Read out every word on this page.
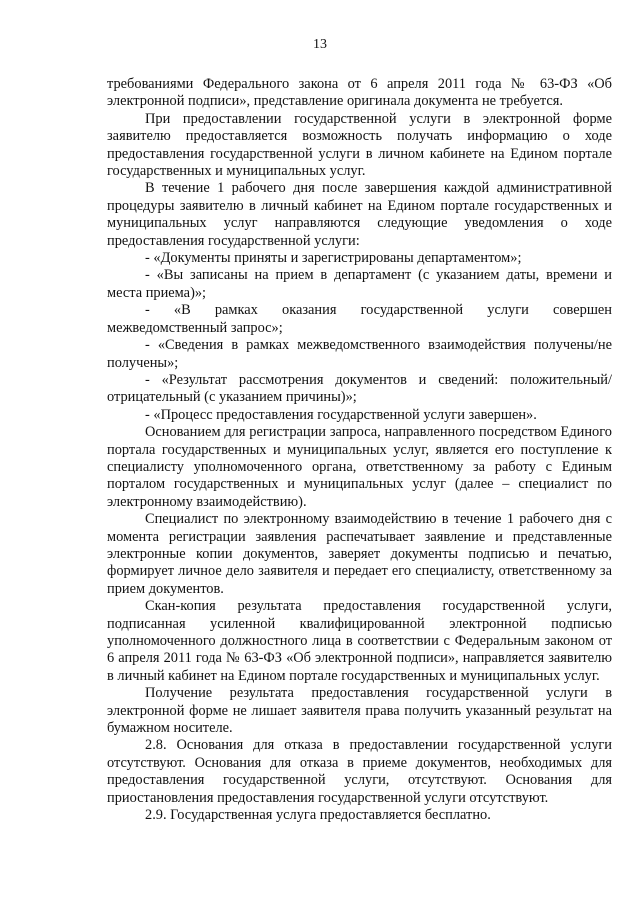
13

требованиями Федерального закона от 6 апреля 2011 года № 63-ФЗ «Об электронной подписи», представление оригинала документа не требуется.

При предоставлении государственной услуги в электронной форме заявителю предоставляется возможность получать информацию о ходе предоставления государственной услуги в личном кабинете на Едином портале государственных и муниципальных услуг.

В течение 1 рабочего дня после завершения каждой административной процедуры заявителю в личный кабинет на Едином портале государственных и муниципальных услуг направляются следующие уведомления о ходе предоставления государственной услуги:

- «Документы приняты и зарегистрированы департаментом»;

- «Вы записаны на прием в департамент (с указанием даты, времени и места приема)»;

- «В рамках оказания государственной услуги совершен межведомственный запрос»;

- «Сведения в рамках межведомственного взаимодействия получены/не получены»;

- «Результат рассмотрения документов и сведений: положительный/отрицательный (с указанием причины)»;

- «Процесс предоставления государственной услуги завершен».

Основанием для регистрации запроса, направленного посредством Единого портала государственных и муниципальных услуг, является его поступление к специалисту уполномоченного органа, ответственному за работу с Единым порталом государственных и муниципальных услуг (далее – специалист по электронному взаимодействию).

Специалист по электронному взаимодействию в течение 1 рабочего дня с момента регистрации заявления распечатывает заявление и представленные электронные копии документов, заверяет документы подписью и печатью, формирует личное дело заявителя и передает его специалисту, ответственному за прием документов.

Скан-копия результата предоставления государственной услуги, подписанная усиленной квалифицированной электронной подписью уполномоченного должностного лица в соответствии с Федеральным законом от 6 апреля 2011 года № 63-ФЗ «Об электронной подписи», направляется заявителю в личный кабинет на Едином портале государственных и муниципальных услуг.

Получение результата предоставления государственной услуги в электронной форме не лишает заявителя права получить указанный результат на бумажном носителе.

2.8. Основания для отказа в предоставлении государственной услуги отсутствуют. Основания для отказа в приеме документов, необходимых для предоставления государственной услуги, отсутствуют. Основания для приостановления предоставления государственной услуги отсутствуют.

2.9. Государственная услуга предоставляется бесплатно.
